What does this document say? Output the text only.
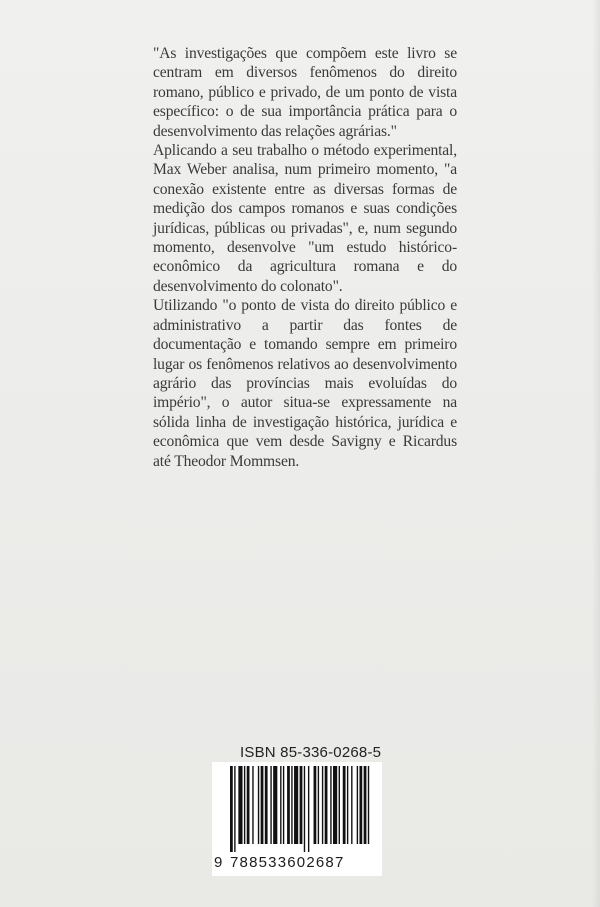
"As investigações que compõem este livro se centram em diversos fenômenos do direito romano, público e privado, de um ponto de vista específico: o de sua importância prática para o desenvolvimento das relações agrárias."

Aplicando a seu trabalho o método experimental, Max Weber analisa, num primeiro momento, "a conexão existente entre as diversas formas de medição dos campos romanos e suas condições jurídicas, públicas ou privadas", e, num segundo momento, desenvolve "um estudo histórico-econômico da agricultura romana e do desenvolvimento do colonato".

Utilizando "o ponto de vista do direito público e administrativo a partir das fontes de documentação e tomando sempre em primeiro lugar os fenômenos relativos ao desenvolvimento agrário das províncias mais evoluídas do império", o autor situa-se expressamente na sólida linha de investigação histórica, jurídica e econômica que vem desde Savigny e Ricardus até Theodor Mommsen.

ISBN 85-336-0268-5
9 788533602687
